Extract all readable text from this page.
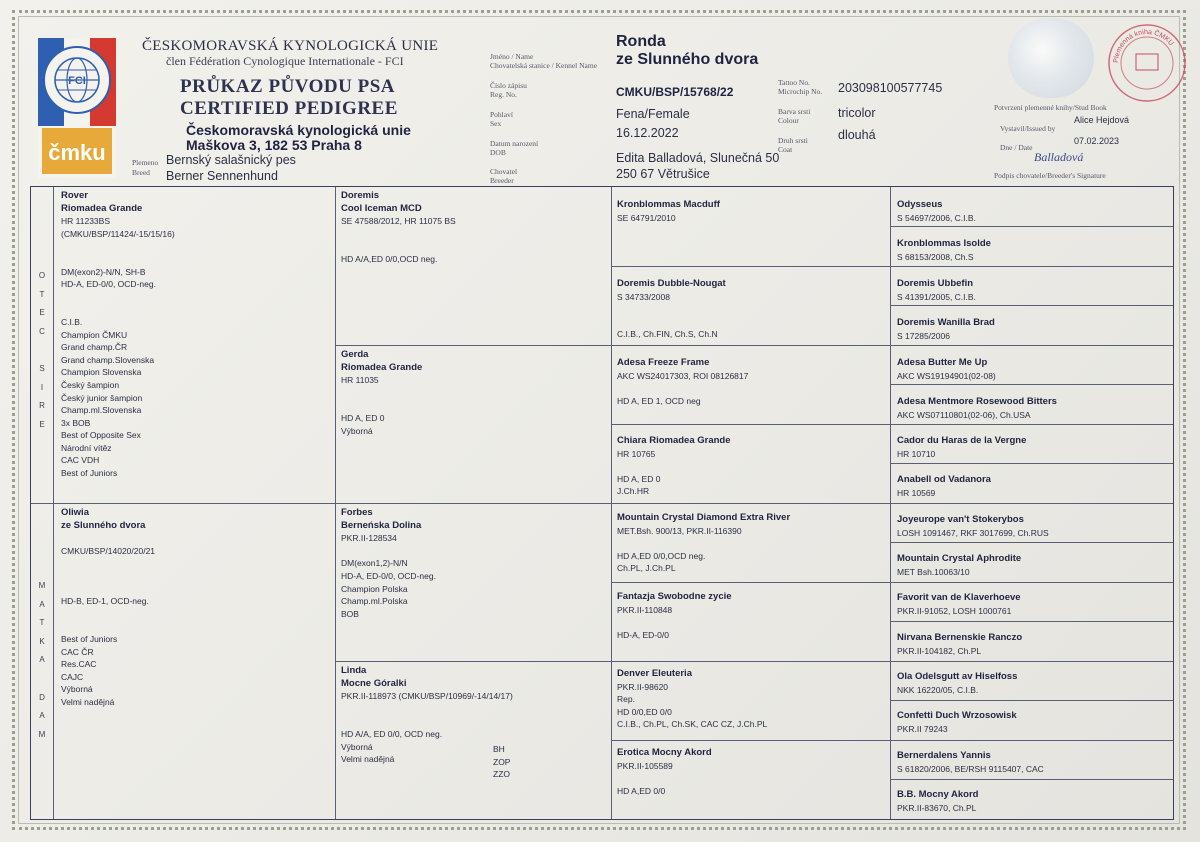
FCI
čmku
ČESKOMORAVSKÁ KYNOLOGICKÁ UNIE
člen Fédération Cynologique Internationale - FCI
PRŮKAZ PŮVODU PSA
CERTIFIED PEDIGREE
Českomoravská kynologická unie
Maškova 3, 182 53 Praha 8
Plemeno
Breed
Bernský salašnický pes
Berner Sennenhund
Jméno / Name
Chovatelská stanice / Kennel Name
Ronda
ze Slunného dvora
Číslo zápisu
Reg. No.	CMKU/BSP/15768/22
Tattoo No.
Microchip No. 203098100577745
Pohlaví
Sex
Fena/Female	Barva srsti
Colour
tricolor
Datum narození
DOB
16.12.2022
Druh srsti
Coat
dlouhá
Chovatel
Breeder
Edita Balladová, Slunečná 50
250 67 Větrušice
Plemenná kniha ČMKU
Potvrzení plemenné knihy/Stud Book
Vystavil/Issued by
Alice Hejdová
Dne / Date
07.02.2023
Balladová
Podpis chovatele/Breeder's Signature
O
T
E
C
S
I
R
E
M
A
T
K
A
D
A
M
Rover
Riomadea Grande
HR 11233BS
(CMKU/BSP/11424/-15/15/16)

DM(exon2)-N/N, SH-B
HD-A, ED-0/0, OCD-neg.

C.I.B.
Champion ČMKU
Grand champ.ČR
Grand champ.Slovenska
Champion Slovenska
Český šampion
Český junior šampion
Champ.ml.Slovenska
3x BOB
Best of Opposite Sex
Národní vítěz
CAC VDH
Best of Juniors
Oliwia
ze Slunného dvora

CMKU/BSP/14020/20/21

HD-B, ED-1, OCD-neg.

Best of Juniors
CAC ČR
Res.CAC
CAJC
Výborná
Velmi nadějná
Doremis
Cool Iceman MCD
SE 47588/2012, HR 11075 BS

HD A/A,ED 0/0,OCD neg.
Gerda
Riomadea Grande
HR 11035

HD A, ED 0
Výborná
Forbes
Berneńska Dolina
PKR.II-128534

DM(exon1,2)-N/N
HD-A, ED-0/0, OCD-neg.
Champion Polska
Champ.ml.Polska
BOB
Linda
Mocne Góralki
PKR.II-118973 (CMKU/BSP/10969/-14/14/17)

HD A/A, ED 0/0, OCD neg.
Výborná
Velmi nadějná
BH
ZOP
ZZO
Kronblommas Macduff
SE 64791/2010
Doremis Dubble-Nougat
S 34733/2008

C.I.B., Ch.FIN, Ch.S, Ch.N
Adesa Freeze Frame
AKC WS24017303, ROI 08126817

HD A, ED 1, OCD neg
Chiara Riomadea Grande
HR 10765

HD A, ED 0
J.Ch.HR
Mountain Crystal Diamond Extra River
MET.Bsh. 900/13, PKR.II-116390

HD A,ED 0/0,OCD neg.
Ch.PL, J.Ch.PL
Fantazja Swobodne zycie
PKR.II-110848

HD-A, ED-0/0
Denver Eleuteria
PKR.II-98620
Rep.
HD 0/0,ED 0/0
C.I.B., Ch.PL, Ch.SK, CAC CZ, J.Ch.PL
Erotica Mocny Akord
PKR.II-105589

HD A,ED 0/0
Odysseus
S 54697/2006, C.I.B.
Kronblommas Isolde
S 68153/2008, Ch.S
Doremis Ubbefin
S 41391/2005, C.I.B.
Doremis Wanilla Brad
S 17285/2006
Adesa Butter Me Up
AKC WS19194901(02-08)
Adesa Mentmore Rosewood Bitters
AKC WS07110801(02-06), Ch.USA
Cador du Haras de la Vergne
HR 10710
Anabell od Vadanora
HR 10569
Joyeurope van't Stokerybos
LOSH 1091467, RKF 3017699, Ch.RUS
Mountain Crystal Aphrodite
MET Bsh.10063/10
Favorit van de Klaverhoeve
PKR.II-91052, LOSH 1000761
Nirvana Bernenskie Ranczo
PKR.II-104182, Ch.PL
Ola Odelsgutt av Hiselfoss
NKK 16220/05, C.I.B.
Confetti Duch Wrzosowisk
PKR.II 79243
Bernerdalens Yannis
S 61820/2006, BE/RSH 9115407, CAC
B.B. Mocny Akord
PKR.II-83670, Ch.PL
